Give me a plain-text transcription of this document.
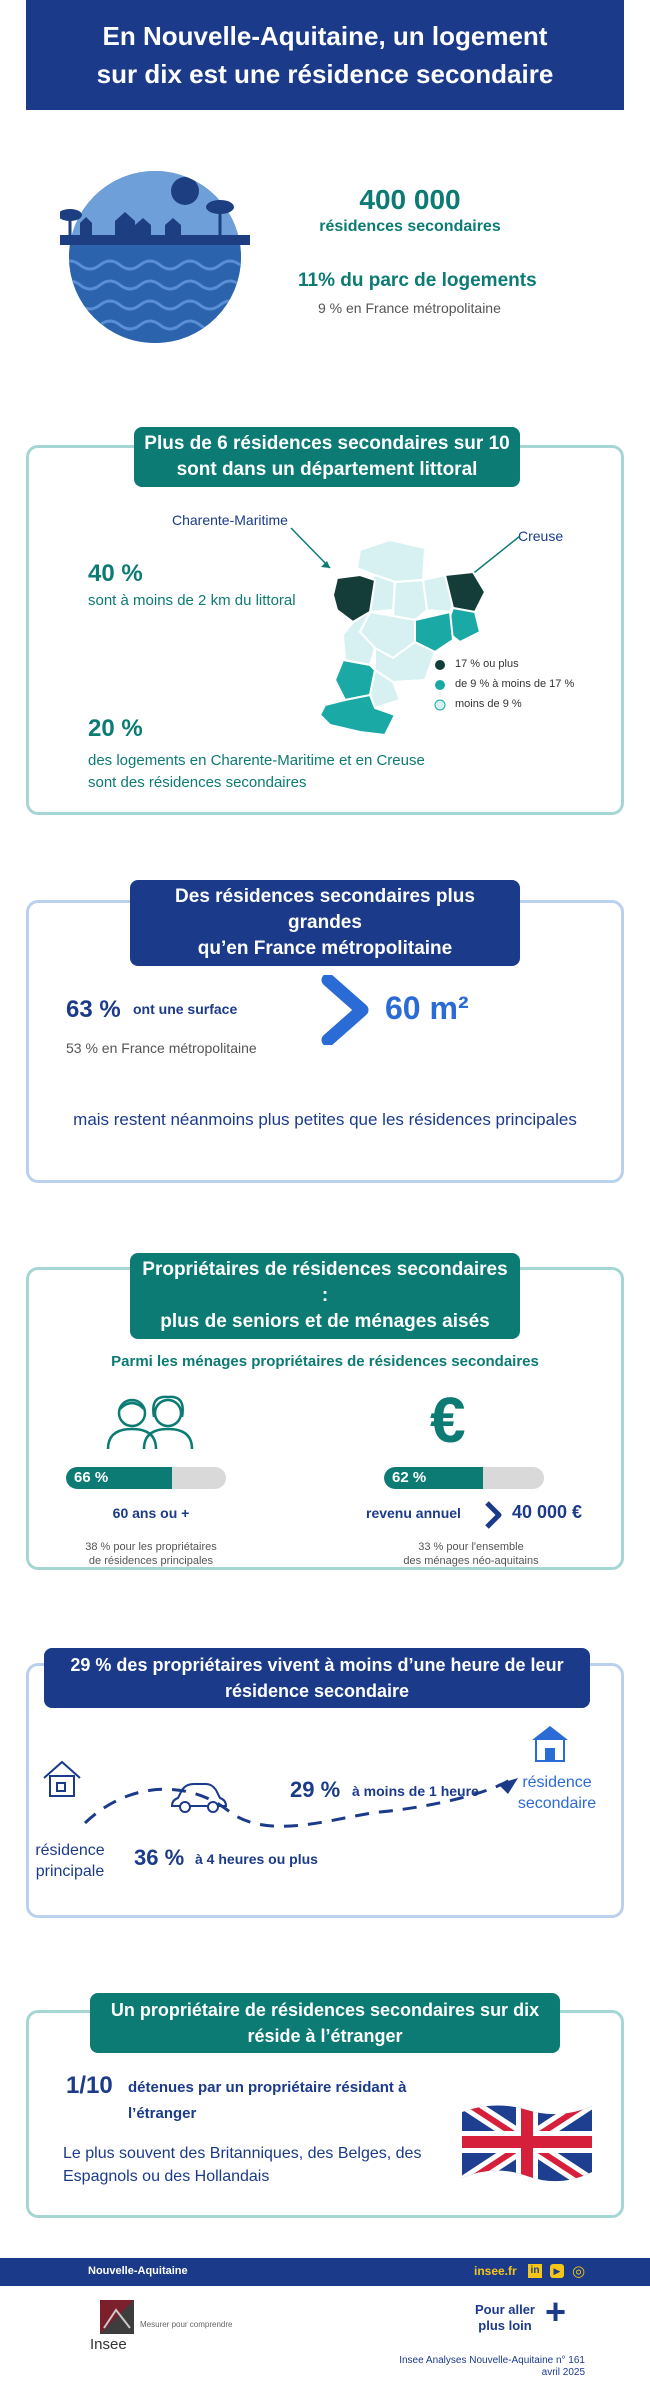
En Nouvelle-Aquitaine, un logement
sur dix est une résidence secondaire
400 000
résidences secondaires
11% du parc de logements
9 % en France métropolitaine
Plus de 6 résidences secondaires sur 10
sont dans un département littoral
Charente-Maritime
Creuse
17 % ou plus
de 9 % à moins de 17 %
moins de 9 %
40 %
sont à moins de 2 km du littoral
20 %
des logements en Charente-Maritime et en Creuse
sont des résidences secondaires
Des résidences secondaires plus grandes
qu’en France métropolitaine
63 % ont une surface	60 m²
53 % en France métropolitaine
mais restent néanmoins plus petites que les résidences principales
Propriétaires de résidences secondaires :
plus de seniors et de ménages aisés
Parmi les ménages propriétaires de résidences secondaires
66 %
60 ans ou +
38 % pour les propriétaires
de résidences principales
€
62 %
revenu annuel	40 000 €
33 % pour l'ensemble
des ménages néo-aquitains
29 % des propriétaires vivent à moins d’une heure de leur
résidence secondaire
29 % à moins de 1 heure
36 % à 4 heures ou plus
résidence
principale
résidence
secondaire
Un propriétaire de résidences secondaires sur dix
réside à l’étranger
1/10 détenues par un propriétaire résidant à
l’étranger
Le plus souvent des Britanniques, des Belges, des
Espagnols ou des Hollandais
Nouvelle-Aquitaine	insee.fr in	▶ ◎
Insee
Mesurer pour comprendre
Pour aller
plus loin +
Insee Analyses Nouvelle-Aquitaine n° 161
avril 2025
